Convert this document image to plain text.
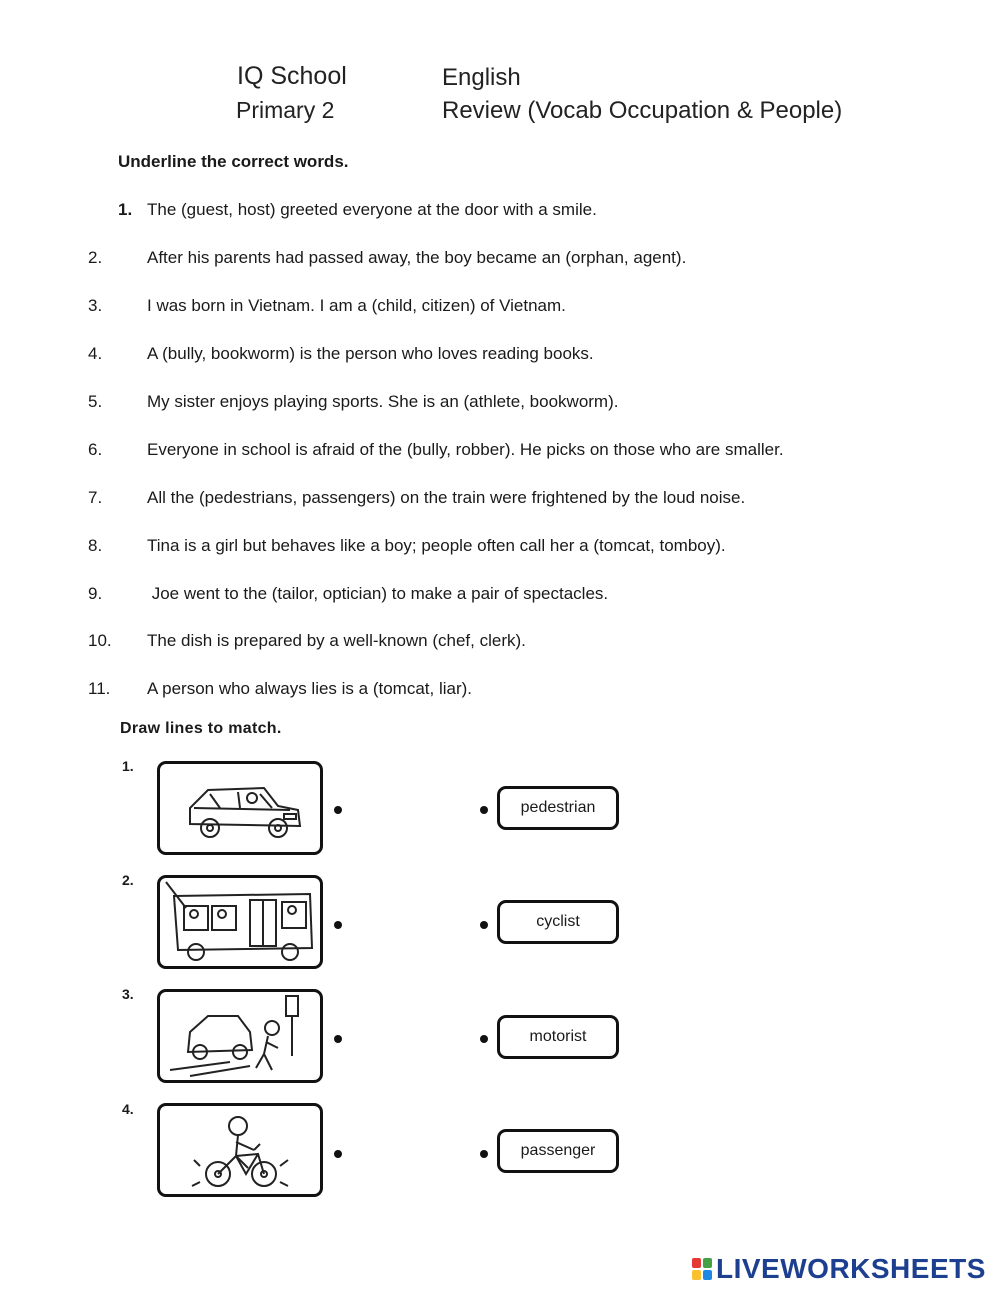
IQ School	English
Primary 2	Review (Vocab Occupation & People)
Underline the correct words.
1. The (guest, host) greeted everyone at the door with a smile.
2.	After his parents had passed away, the boy became an (orphan, agent).
3.	I was born in Vietnam. I am a (child, citizen) of Vietnam.
4.	A (bully, bookworm) is the person who loves reading books.
5.	My sister enjoys playing sports. She is an (athlete, bookworm).
6.	Everyone in school is afraid of the (bully, robber). He picks on those who are smaller.
7.	All the (pedestrians, passengers) on the train were frightened by the loud noise.
8.	Tina is a girl but behaves like a boy; people often call her a (tomcat, tomboy).
9.	Joe went to the (tailor, optician) to make a pair of spectacles.
10. The dish is prepared by a well-known (chef, clerk).
11. A person who always lies is a (tomcat, liar).
Draw lines to match.
1.
pedestrian
2.
cyclist
3.
motorist
4.
passenger
LIVEWORKSHEETS
